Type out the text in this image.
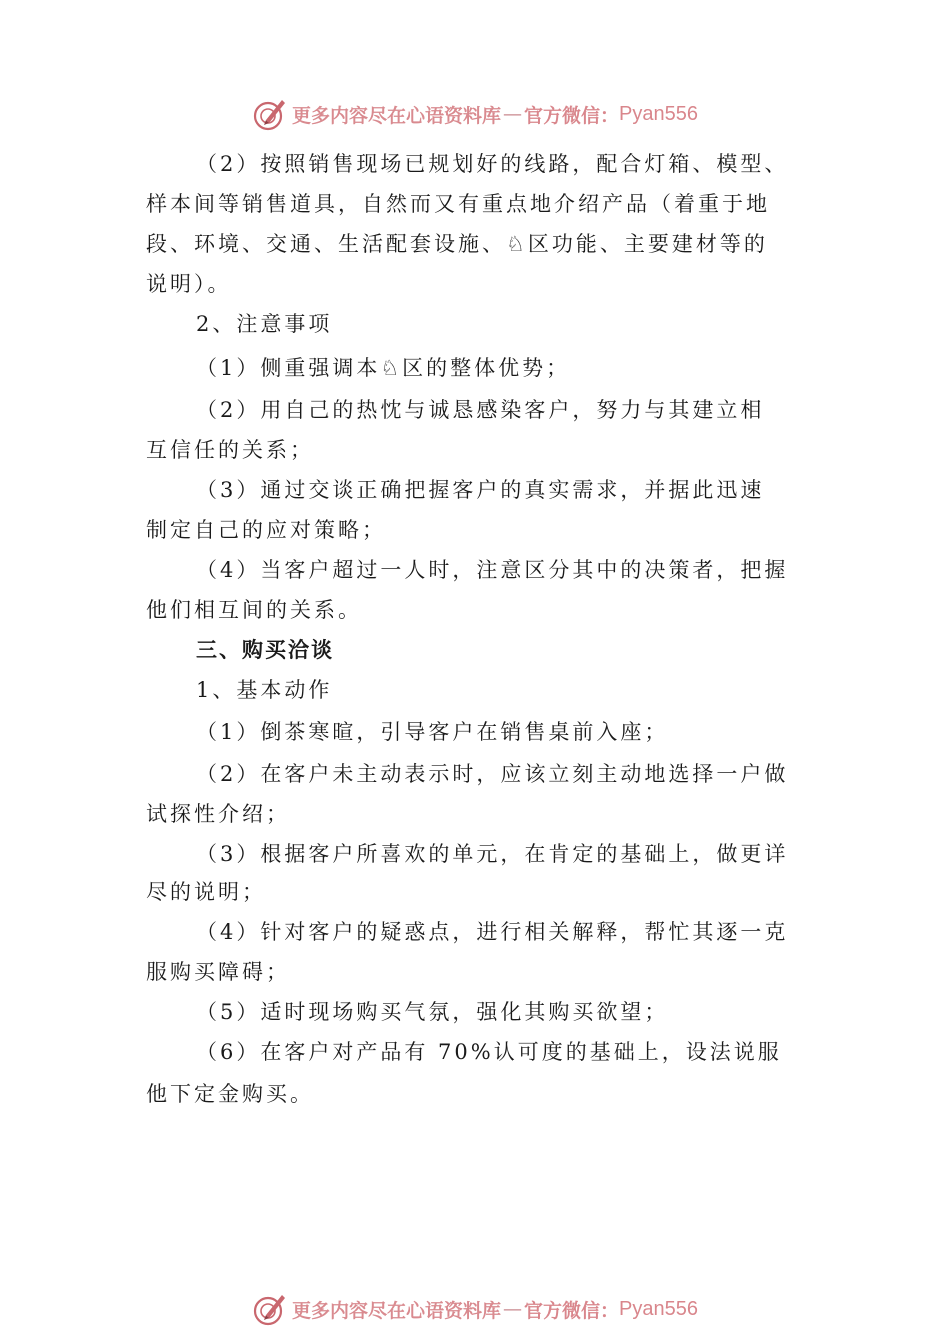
更多内容尽在心语资料库 — 官方微信： Pyan556
（2）按照销售现场已规划好的线路，配合灯箱、模型、
样本间等销售道具，自然而又有重点地介绍产品（着重于地
段、环境、交通、生活配套设施、♘区功能、主要建材等的
说明）。
2、注意事项
（1）侧重强调本♘区的整体优势；
（2）用自己的热忱与诚恳感染客户，努力与其建立相
互信任的关系；
（3）通过交谈正确把握客户的真实需求，并据此迅速
制定自己的应对策略；
（4）当客户超过一人时，注意区分其中的决策者，把握
他们相互间的关系。
三、购买洽谈
1、基本动作
（1）倒茶寒暄，引导客户在销售桌前入座；
（2）在客户未主动表示时，应该立刻主动地选择一户做
试探性介绍；
（3）根据客户所喜欢的单元，在肯定的基础上，做更详
尽的说明；
（4）针对客户的疑惑点，进行相关解释，帮忙其逐一克
服购买障碍；
（5）适时现场购买气氛，强化其购买欲望；
（6）在客户对产品有 70%认可度的基础上，设法说服
他下定金购买。
更多内容尽在心语资料库 — 官方微信： Pyan556
